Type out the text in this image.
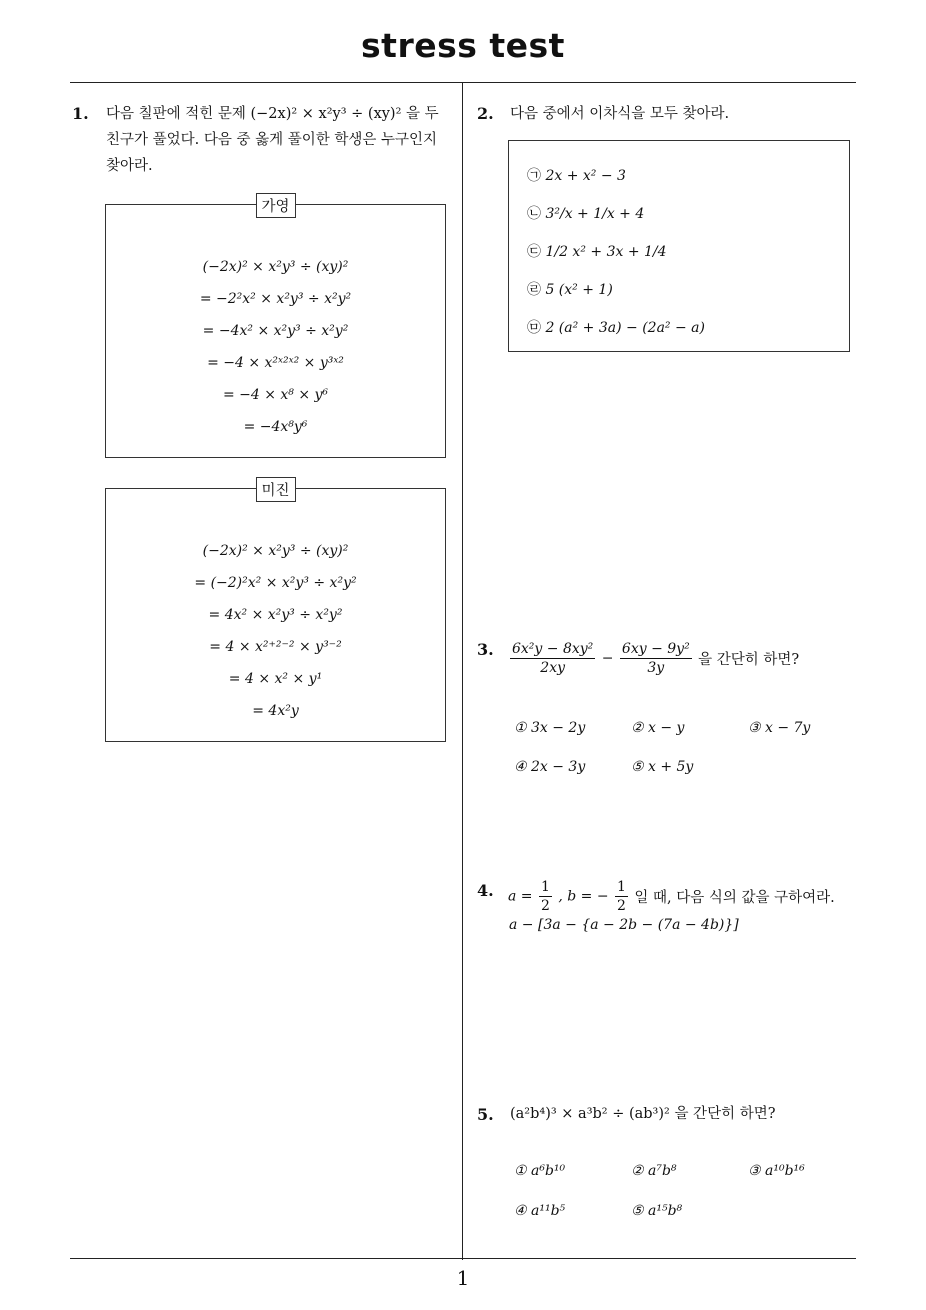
stress test
1
1. 다음 칠판에 적힌 문제 (−2x)² × x²y³ ÷ (xy)² 을 두
친구가 풀었다. 다음 중 옳게 풀이한 학생은 누구인지
찾아라.
가영
(−2x)² × x²y³ ÷ (xy)²
= −2²x² × x²y³ ÷ x²y²
= −4x² × x²y³ ÷ x²y²
= −4 × x²ˣ²ˣ² × y³ˣ²
= −4 × x⁸ × y⁶
= −4x⁸y⁶
미진
(−2x)² × x²y³ ÷ (xy)²
= (−2)²x² × x²y³ ÷ x²y²
= 4x² × x²y³ ÷ x²y²
= 4 × x²⁺²⁻² × y³⁻²
= 4 × x² × y¹
= 4x²y
2. 다음 중에서 이차식을 모두 찾아라.
㉠ 2x + x² − 3
㉡ 3²/x + 1/x + 4
㉢ 1/2 x² + 3x + 1/4
㉣ 5 (x² + 1)
㉤ 2 (a² + 3a) − (2a² − a)
3. $\frac{\text{6x²y − 8xy²}}{2xy} - \frac{\text{6xy − 9y²}}{3y}$ 을 간단히 하면?
① 3x − 2y	② x − y	③ x − 7y
④ 2x − 3y	⑤ x + 5y
4. $a = \frac{1}{2}$ , b = − $\frac{1}{2}$ 일 때, 다음 식의 값을 구하여라.
a − [3a − {a − 2b − (7a − 4b)}]
5. (a²b⁴)³ × a³b² ÷ (ab³)² 을 간단히 하면?
① a⁶b¹⁰	② a⁷b⁸	③ a¹⁰b¹⁶
④ a¹¹b⁵	⑤ a¹⁵b⁸
